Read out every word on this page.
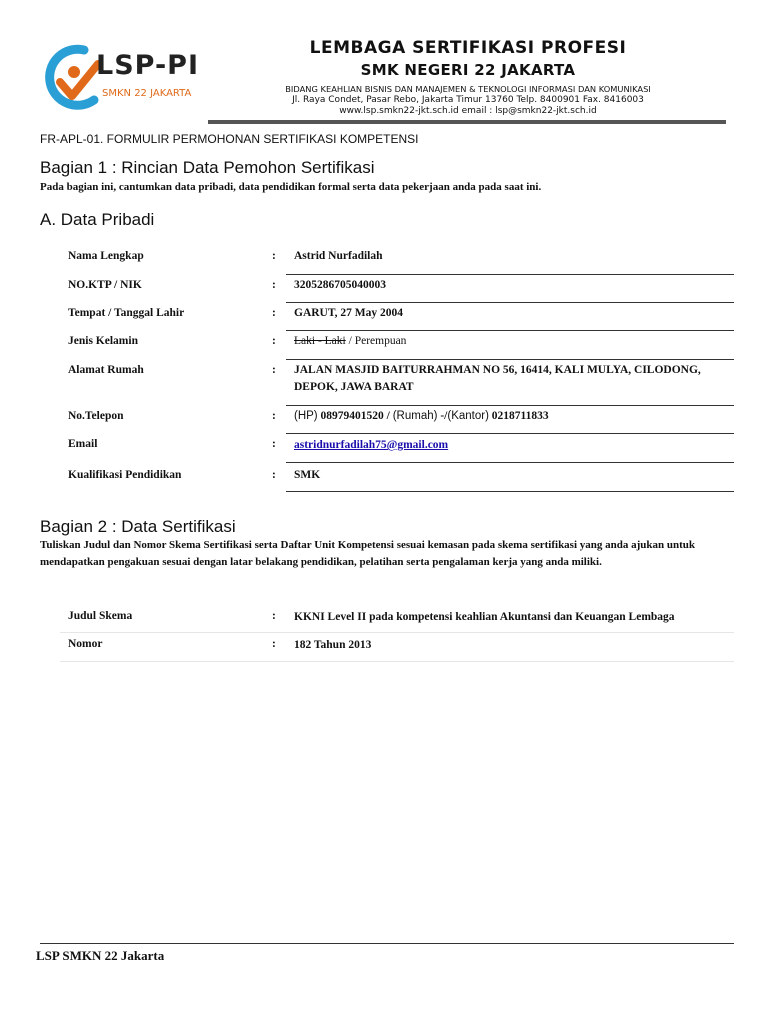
LSP-PI
SMKN 22 JAKARTA
LEMBAGA SERTIFIKASI PROFESI
SMK NEGERI 22 JAKARTA
BIDANG KEAHLIAN BISNIS DAN MANAJEMEN & TEKNOLOGI INFORMASI DAN KOMUNIKASI
Jl. Raya Condet, Pasar Rebo, Jakarta Timur 13760 Telp. 8400901 Fax. 8416003
www.lsp.smkn22-jkt.sch.id email : lsp@smkn22-jkt.sch.id
FR-APL-01. FORMULIR PERMOHONAN SERTIFIKASI KOMPETENSI
Bagian 1 : Rincian Data Pemohon Sertifikasi
Pada bagian ini, cantumkan data pribadi, data pendidikan formal serta data pekerjaan anda pada saat ini.
A. Data Pribadi
Nama Lengkap	: Astrid Nurfadilah
NO.KTP / NIK	: 3205286705040003
Tempat / Tanggal Lahir	: GARUT, 27 May 2004
Jenis Kelamin	: Laki - Laki / Perempuan
Alamat Rumah	: JALAN MASJID BAITURRAHMAN NO 56, 16414, KALI MULYA, CILODONG, DEPOK, JAWA BARAT
No.Telepon	: (HP) 08979401520 / (Rumah) -/(Kantor) 0218711833
Email	: astridnurfadilah75@gmail.com
Kualifikasi Pendidikan	: SMK
Bagian 2 : Data Sertifikasi
Tuliskan Judul dan Nomor Skema Sertifikasi serta Daftar Unit Kompetensi sesuai kemasan pada skema sertifikasi yang anda ajukan untuk mendapatkan pengakuan sesuai dengan latar belakang pendidikan, pelatihan serta pengalaman kerja yang anda miliki.
Judul Skema	: KKNI Level II pada kompetensi keahlian Akuntansi dan Keuangan Lembaga
Nomor	: 182 Tahun 2013
LSP SMKN 22 Jakarta
